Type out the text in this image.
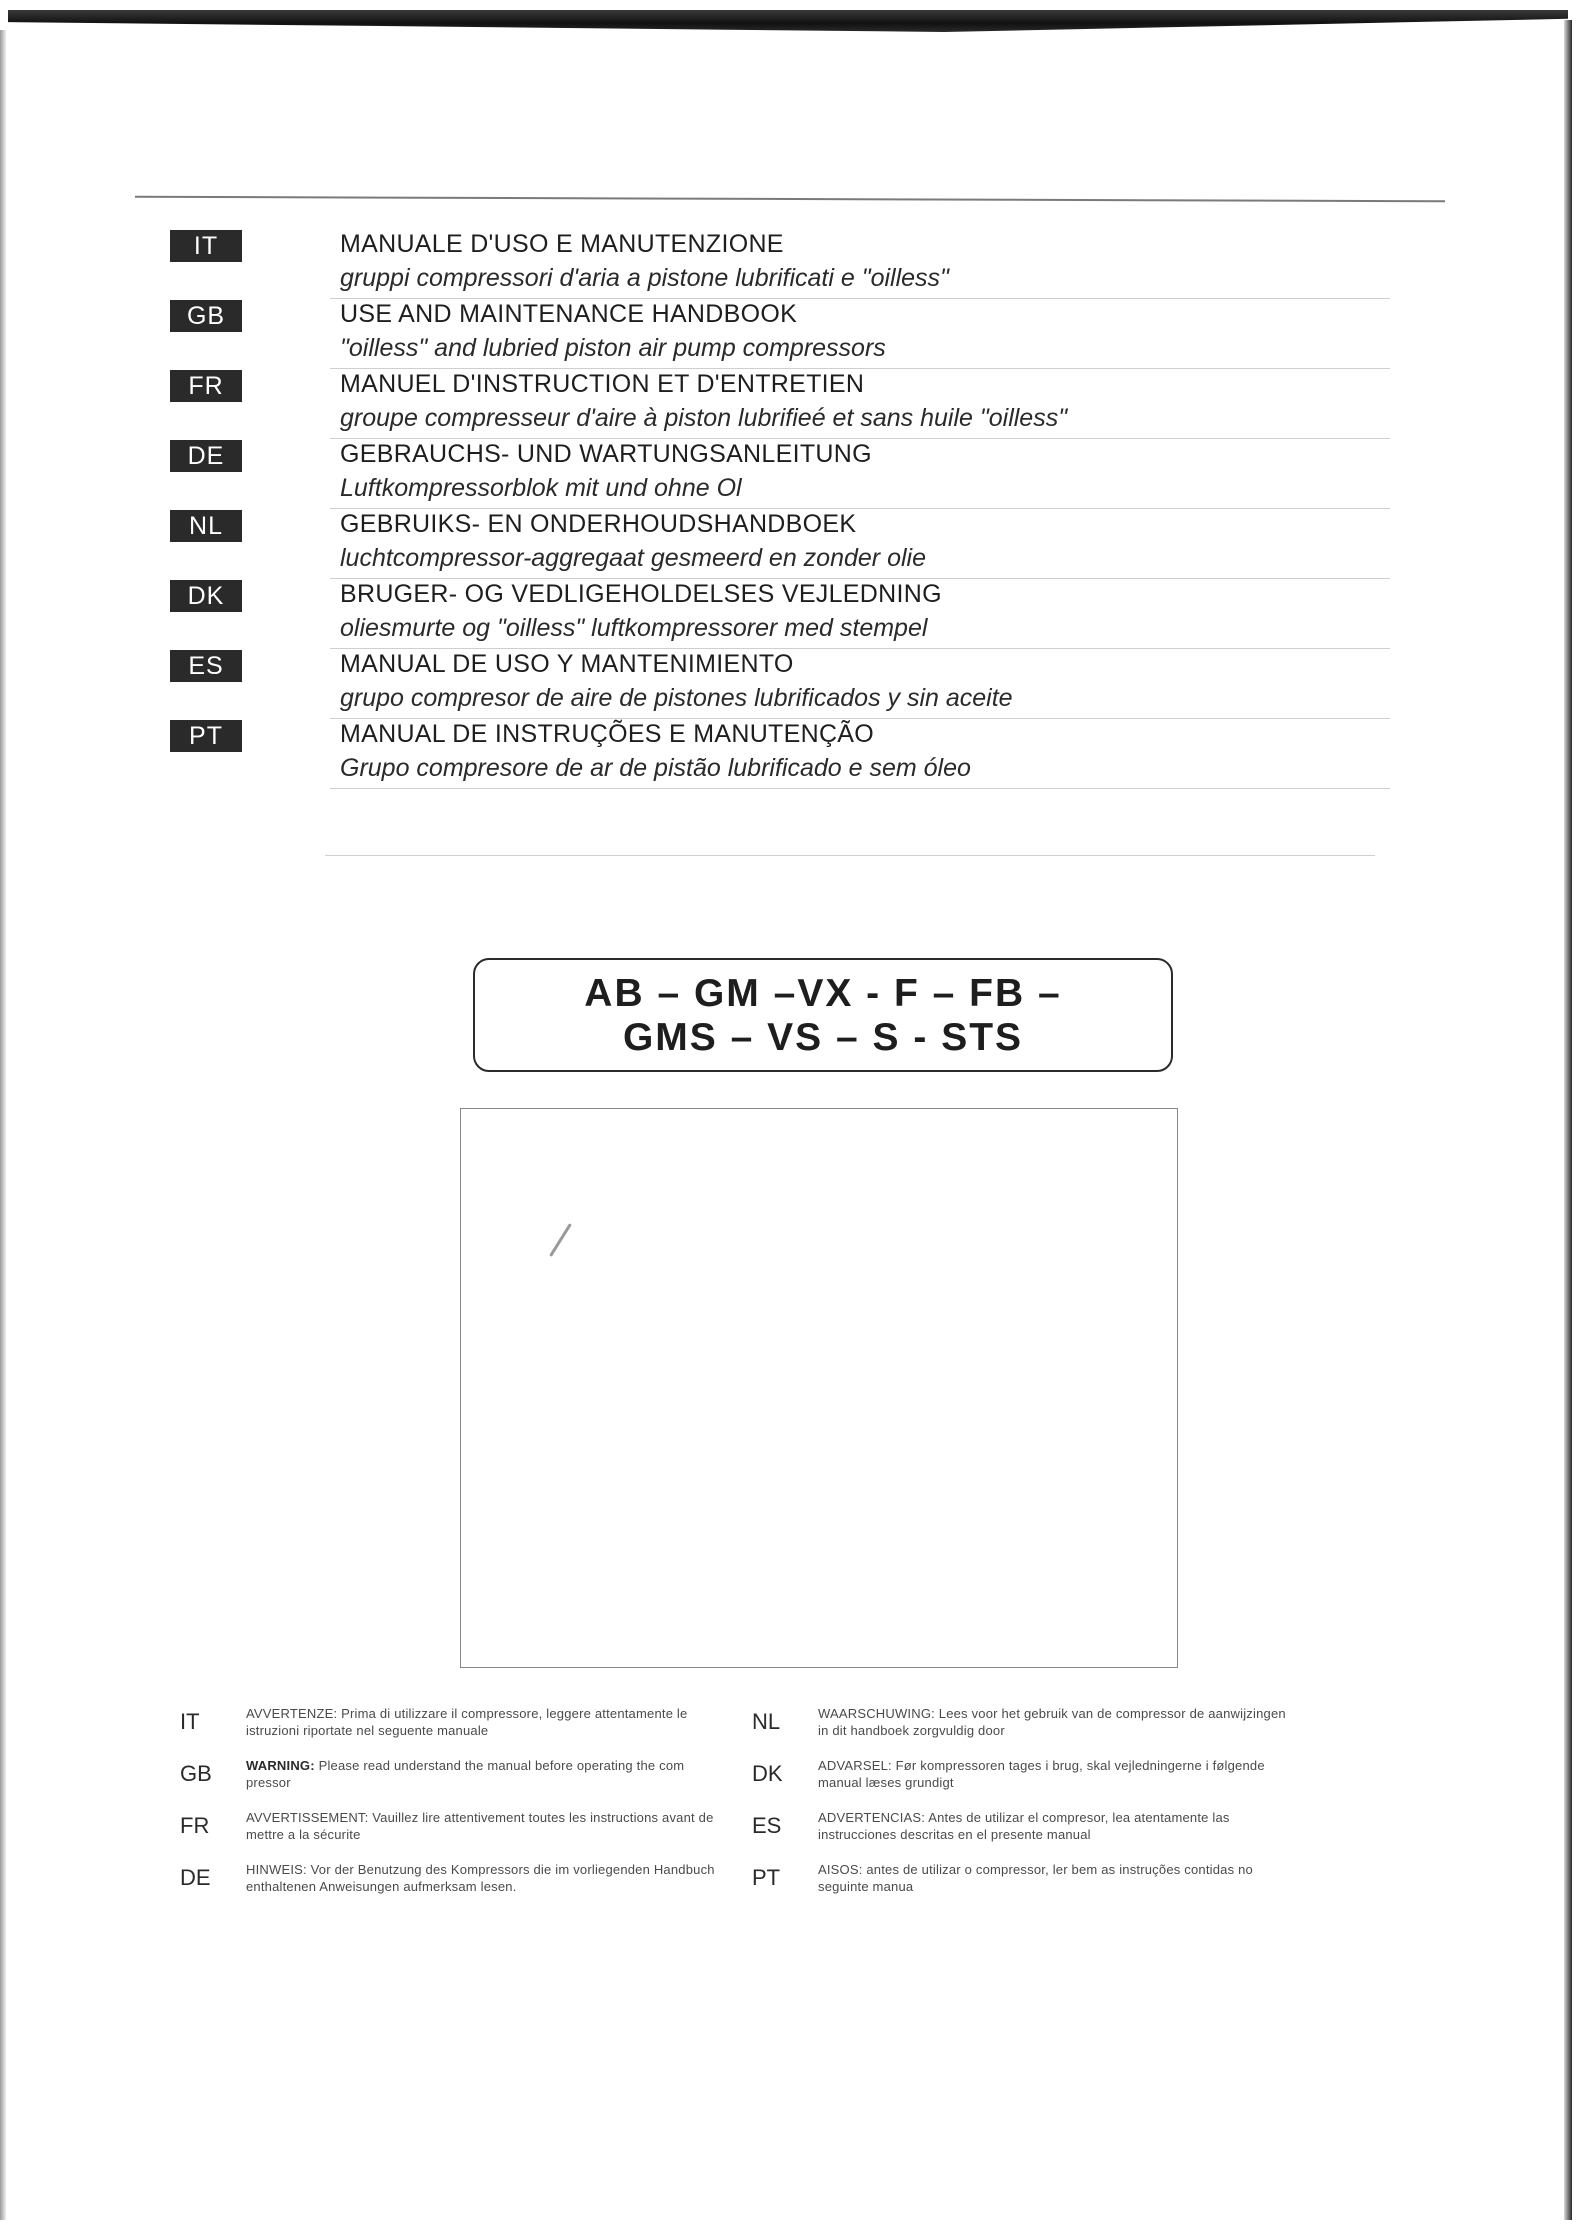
IT	MANUALE D'USO E MANUTENZIONE
gruppi compressori d'aria a pistone lubrificati e "oilless"
GB	USE AND MAINTENANCE HANDBOOK
"oilless" and lubried piston air pump compressors
FR	MANUEL D'INSTRUCTION ET D'ENTRETIEN
groupe compresseur d'aire à piston lubrifieé et sans huile "oilless"
DE	GEBRAUCHS- UND WARTUNGSANLEITUNG
Luftkompressorblok mit und ohne Ol
NL	GEBRUIKS- EN ONDERHOUDSHANDBOEK
luchtcompressor-aggregaat gesmeerd en zonder olie
DK	BRUGER- OG VEDLIGEHOLDELSES VEJLEDNING
oliesmurte og "oilless" luftkompressorer med stempel
ES	MANUAL DE USO Y MANTENIMIENTO
grupo compresor de aire de pistones lubrificados y sin aceite
PT	MANUAL DE INSTRUÇÕES E MANUTENÇÃO
Grupo compresore de ar de pistão lubrificado e sem óleo
AB – GM –VX - F – FB –
GMS – VS – S - STS
IT	AVVERTENZE: Prima di utilizzare il compressore, leggere attentamente le istruzioni riportate nel seguente manuale
GB	WARNING: Please read understand the manual before operating the com pressor
FR	AVVERTISSEMENT: Vauillez lire attentivement toutes les instructions avant de mettre a la sécurite
DE	HINWEIS: Vor der Benutzung des Kompressors die im vorliegenden Handbuch enthaltenen Anweisungen aufmerksam lesen.
NL	WAARSCHUWING: Lees voor het gebruik van de compressor de aanwijzingen in dit handboek zorgvuldig door
DK	ADVARSEL: Før kompressoren tages i brug, skal vejledningerne i følgende manual læses grundigt
ES	ADVERTENCIAS: Antes de utilizar el compresor, lea atentamente las instrucciones descritas en el presente manual
PT	AISOS: antes de utilizar o compressor, ler bem as instruções contidas no seguinte manua
